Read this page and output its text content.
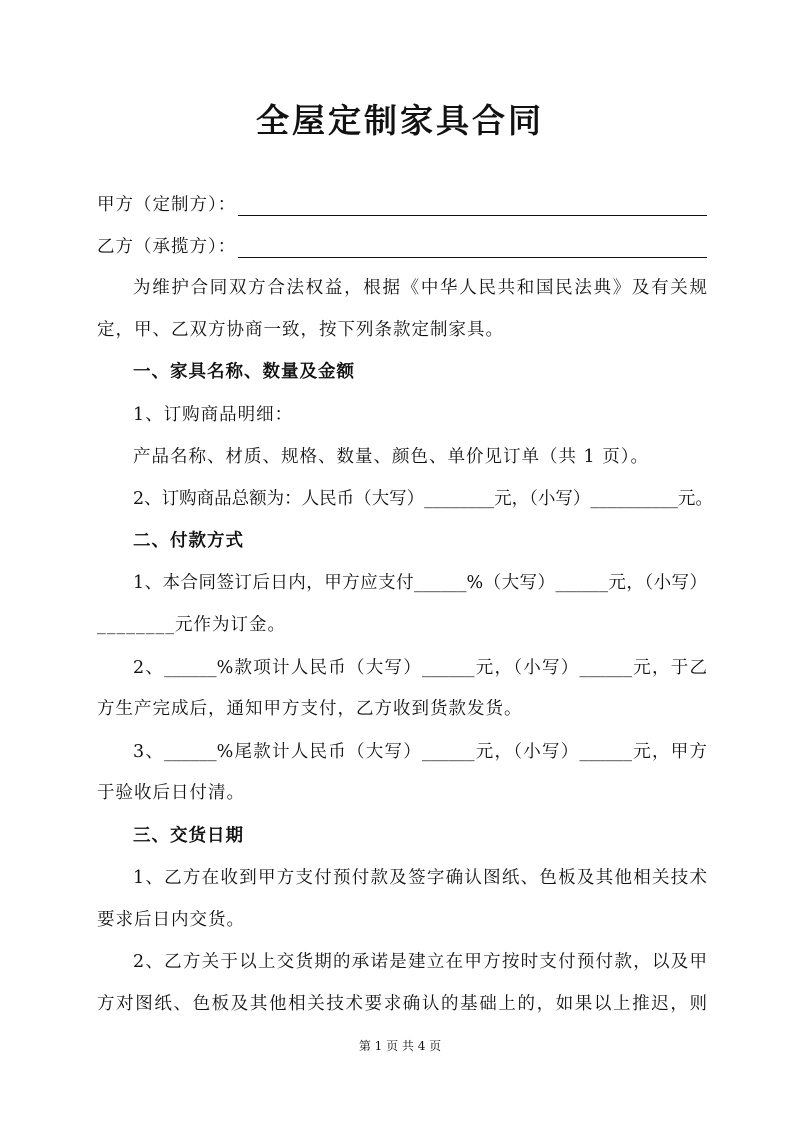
全屋定制家具合同
甲方（定制方）：
乙方（承揽方）：
为维护合同双方合法权益，根据《中华人民共和国民法典》及有关规
定，甲、乙双方协商一致，按下列条款定制家具。
一、家具名称、数量及金额
1、订购商品明细：
产品名称、材质、规格、数量、颜色、单价见订单（共 1 页）。
2、订购商品总额为：人民币（大写）________元，（小写）__________元。
二、付款方式
1、本合同签订后日内，甲方应支付______%（大写）______元，（小写）
________元作为订金。
2、______%款项计人民币（大写）______元，（小写）______元，于乙
方生产完成后，通知甲方支付，乙方收到货款发货。
3、______%尾款计人民币（大写）______元，（小写）______元，甲方
于验收后日付清。
三、交货日期
1、乙方在收到甲方支付预付款及签字确认图纸、色板及其他相关技术
要求后日内交货。
2、乙方关于以上交货期的承诺是建立在甲方按时支付预付款，以及甲
方对图纸、色板及其他相关技术要求确认的基础上的，如果以上推迟，则
第 1 页 共 4 页
